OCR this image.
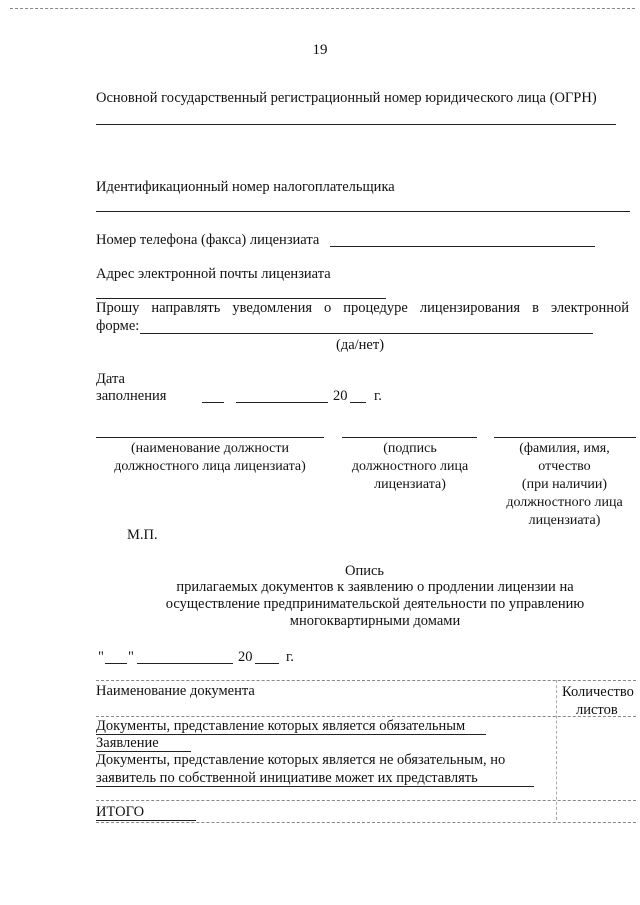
19
Основной государственный регистрационный номер юридического лица (ОГРН)
Идентификационный номер налогоплательщика
Номер телефона (факса) лицензиата
Адрес электронной почты лицензиата
Прошу направлять уведомления о процедуре лицензирования в электронной
форме:
(да/нет)
Дата
заполнения	20 г.
(наименование должности
должностного лица лицензиата)
(подпись
должностного лица
лицензиата)
(фамилия, имя,
отчество
(при наличии)
должностного лица
лицензиата)
М.П.
Опись
прилагаемых документов к заявлению о продлении лицензии на
осуществление предпринимательской деятельности по управлению
многоквартирными домами
" "	20 г.
Наименование документа	Количество
листов
Документы, представление которых является обязательным
Заявление
Документы, представление которых является не обязательным, но
заявитель по собственной инициативе может их представлять
ИТОГО
